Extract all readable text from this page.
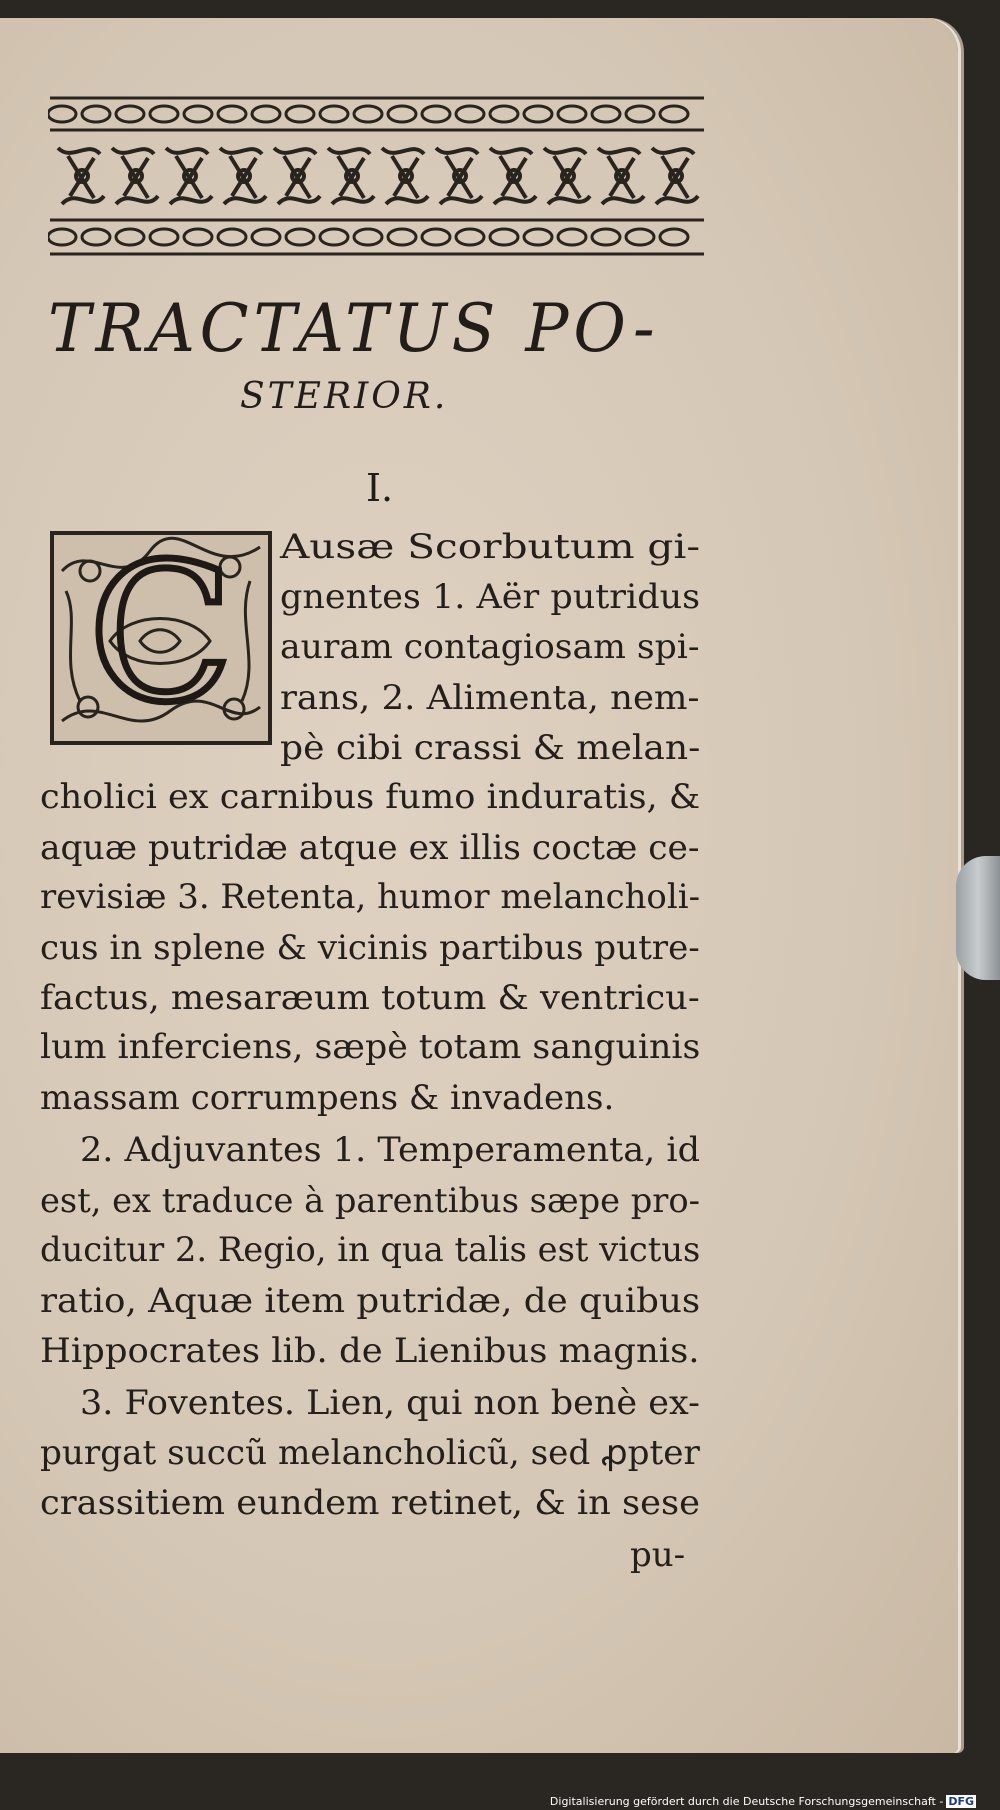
TRACTATUS PO-
STERIOR.

I.

C Ausæ Scorbutum gi-

gnentes 1. Aër putridus

auram contagiosam spi-

rans, 2. Alimenta, nem-

pè cibi crassi & melan-

cholici ex carnibus fumo induratis, &

aquæ putridæ atque ex illis coctæ ce-

revisiæ 3. Retenta, humor melancholi-

cus in splene & vicinis partibus putre-

factus, mesaræum totum & ventricu-

lum inferciens, sæpè totam sanguinis

massam corrumpens & invadens.

2. Adjuvantes 1. Temperamenta, id

est, ex traduce à parentibus sæpe pro-

ducitur 2. Regio, in qua talis est victus

ratio, Aquæ item putridæ, de quibus

Hippocrates lib. de Lienibus magnis.

3. Foventes. Lien, qui non benè ex-

purgat succũ melancholicũ, sed ꝓpter

crassitiem eundem retinet, & in sese

pu-

Digitalisierung gefördert durch die Deutsche Forschungsgemeinschaft - DFG
